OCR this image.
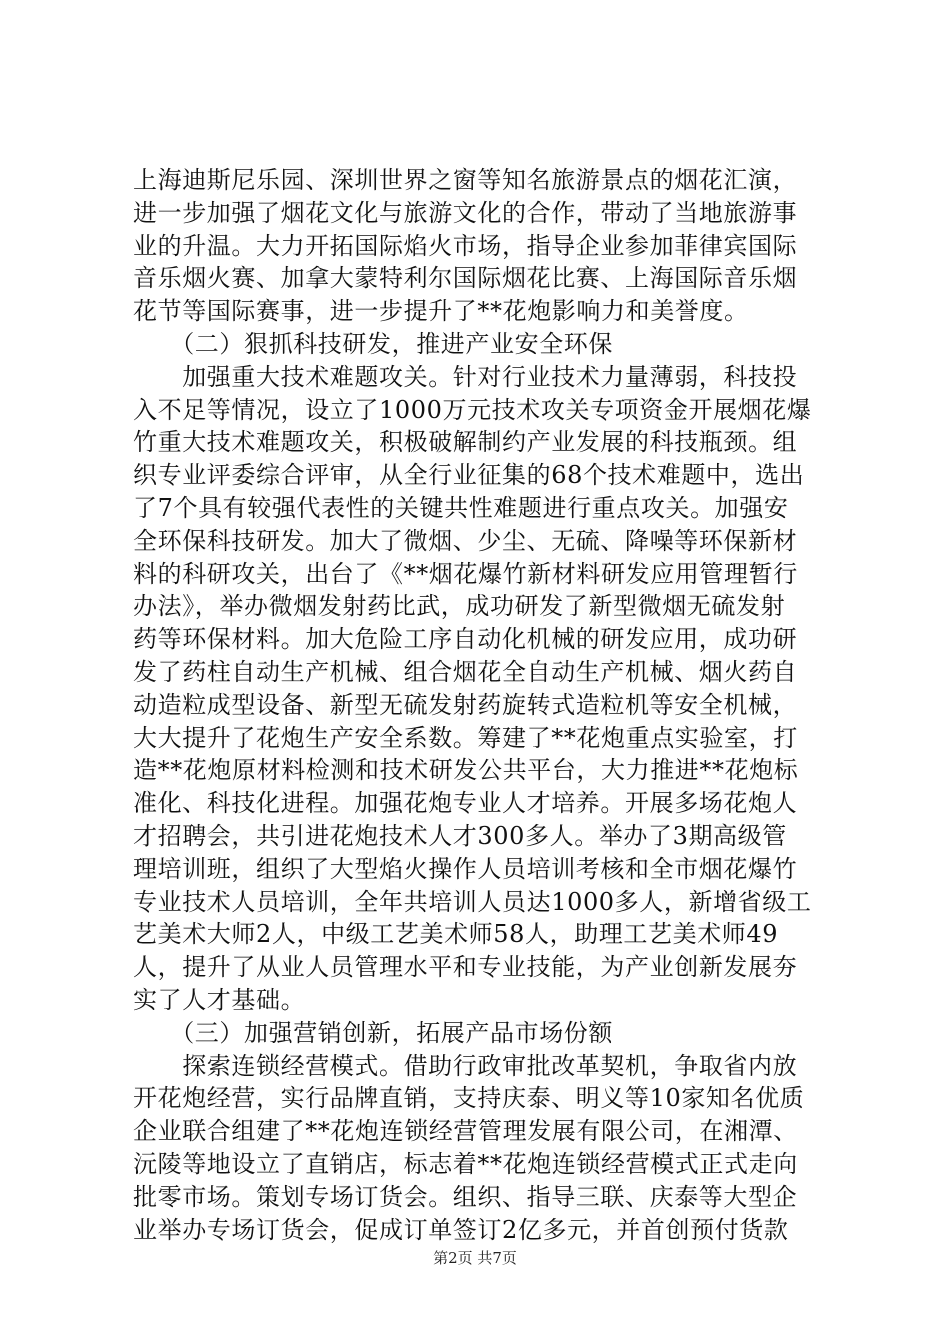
上海迪斯尼乐园、深圳世界之窗等知名旅游景点的烟花汇演，
进一步加强了烟花文化与旅游文化的合作，带动了当地旅游事
业的升温。大力开拓国际焰火市场，指导企业参加菲律宾国际
音乐烟火赛、加拿大蒙特利尔国际烟花比赛、上海国际音乐烟
花节等国际赛事，进一步提升了**花炮影响力和美誉度。
　　（二）狠抓科技研发，推进产业安全环保
　　加强重大技术难题攻关。针对行业技术力量薄弱，科技投
入不足等情况，设立了1000万元技术攻关专项资金开展烟花爆
竹重大技术难题攻关，积极破解制约产业发展的科技瓶颈。组
织专业评委综合评审，从全行业征集的68个技术难题中，选出
了7个具有较强代表性的关键共性难题进行重点攻关。加强安
全环保科技研发。加大了微烟、少尘、无硫、降噪等环保新材
料的科研攻关，出台了《**烟花爆竹新材料研发应用管理暂行
办法》，举办微烟发射药比武，成功研发了新型微烟无硫发射
药等环保材料。加大危险工序自动化机械的研发应用，成功研
发了药柱自动生产机械、组合烟花全自动生产机械、烟火药自
动造粒成型设备、新型无硫发射药旋转式造粒机等安全机械，
大大提升了花炮生产安全系数。筹建了**花炮重点实验室，打
造**花炮原材料检测和技术研发公共平台，大力推进**花炮标
准化、科技化进程。加强花炮专业人才培养。开展多场花炮人
才招聘会，共引进花炮技术人才300多人。举办了3期高级管
理培训班，组织了大型焰火操作人员培训考核和全市烟花爆竹
专业技术人员培训，全年共培训人员达1000多人，新增省级工
艺美术大师2人，中级工艺美术师58人，助理工艺美术师49
人，提升了从业人员管理水平和专业技能，为产业创新发展夯
实了人才基础。
　　（三）加强营销创新，拓展产品市场份额
　　探索连锁经营模式。借助行政审批改革契机，争取省内放
开花炮经营，实行品牌直销，支持庆泰、明义等10家知名优质
企业联合组建了**花炮连锁经营管理发展有限公司，在湘潭、
沅陵等地设立了直销店，标志着**花炮连锁经营模式正式走向
批零市场。策划专场订货会。组织、指导三联、庆泰等大型企
业举办专场订货会，促成订单签订2亿多元，并首创预付货款
第2页 共7页
